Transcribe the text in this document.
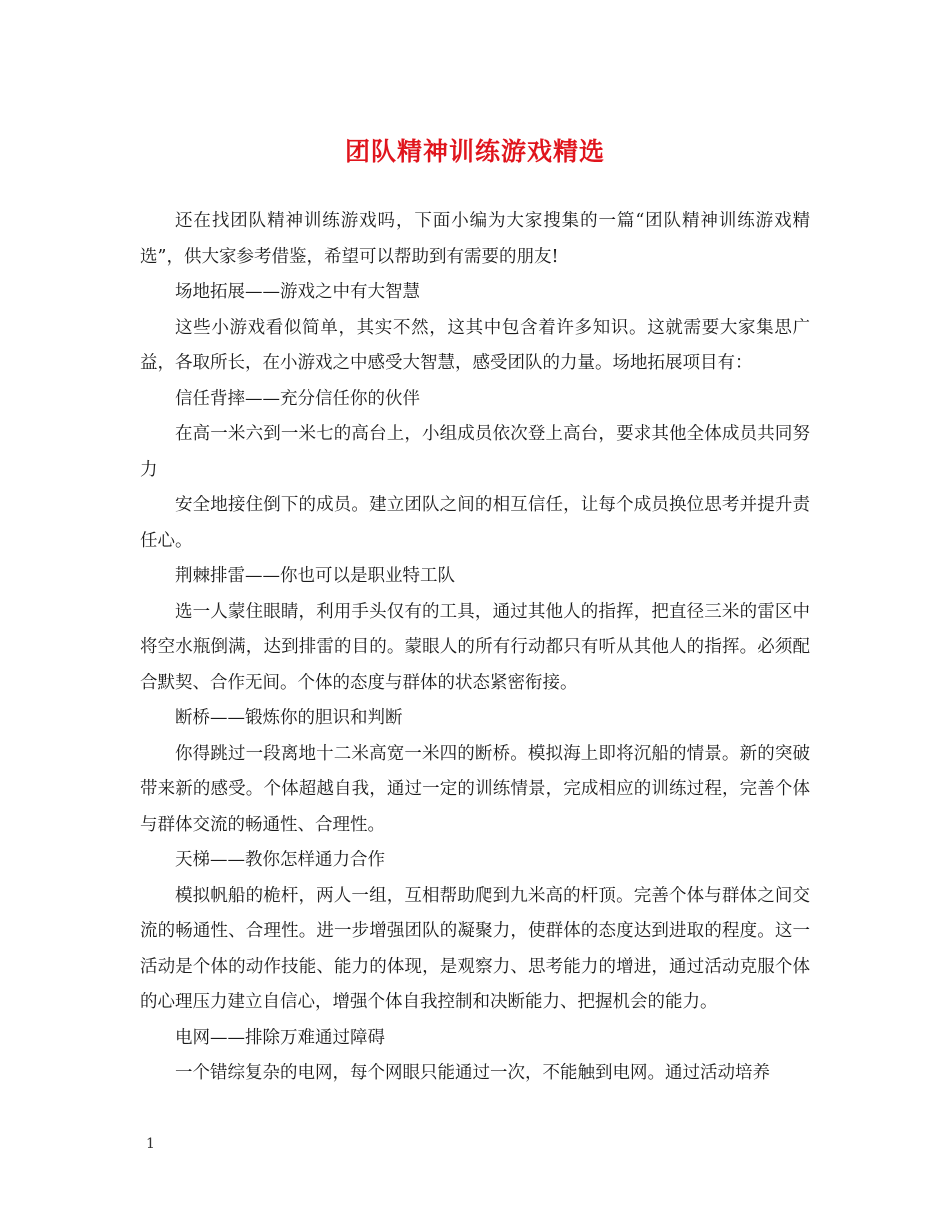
团队精神训练游戏精选

还在找团队精神训练游戏吗，下面小编为大家搜集的一篇“团队精神训练游戏精选”，供大家参考借鉴，希望可以帮助到有需要的朋友!

场地拓展——游戏之中有大智慧

这些小游戏看似简单，其实不然，这其中包含着许多知识。这就需要大家集思广益，各取所长，在小游戏之中感受大智慧，感受团队的力量。场地拓展项目有：

信任背摔——充分信任你的伙伴

在高一米六到一米七的高台上，小组成员依次登上高台，要求其他全体成员共同努力

安全地接住倒下的成员。建立团队之间的相互信任，让每个成员换位思考并提升责任心。

荆棘排雷——你也可以是职业特工队

选一人蒙住眼睛，利用手头仅有的工具，通过其他人的指挥，把直径三米的雷区中将空水瓶倒满，达到排雷的目的。蒙眼人的所有行动都只有听从其他人的指挥。必须配合默契、合作无间。个体的态度与群体的状态紧密衔接。

断桥——锻炼你的胆识和判断

你得跳过一段离地十二米高宽一米四的断桥。模拟海上即将沉船的情景。新的突破带来新的感受。个体超越自我，通过一定的训练情景，完成相应的训练过程，完善个体与群体交流的畅通性、合理性。

天梯——教你怎样通力合作

模拟帆船的桅杆，两人一组，互相帮助爬到九米高的杆顶。完善个体与群体之间交流的畅通性、合理性。进一步增强团队的凝聚力，使群体的态度达到进取的程度。这一活动是个体的动作技能、能力的体现，是观察力、思考能力的增进，通过活动克服个体的心理压力建立自信心，增强个体自我控制和决断能力、把握机会的能力。

电网——排除万难通过障碍

一个错综复杂的电网，每个网眼只能通过一次，不能触到电网。通过活动培养

1
